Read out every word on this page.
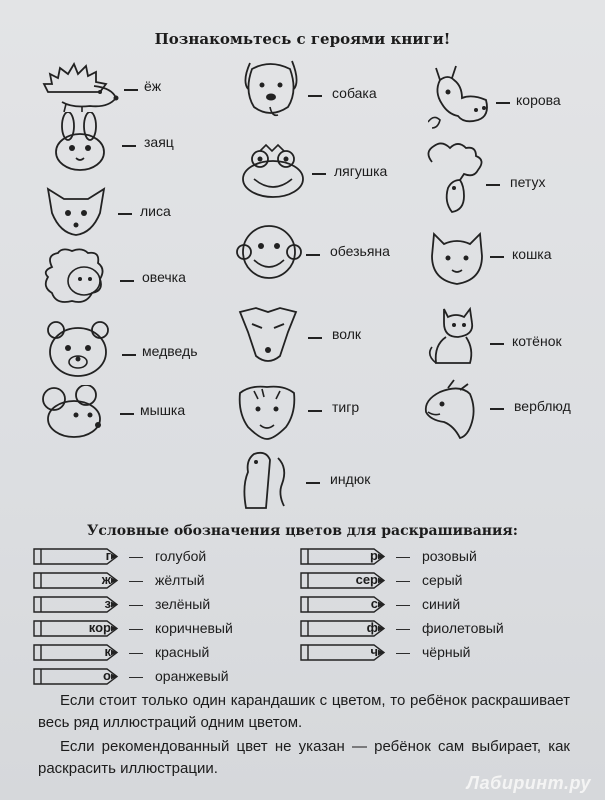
Познакомьтесь с героями книги!
ёж
заяц
лиса
овечка
медведь
мышка
собака
лягушка
обезьяна
волк
тигр
индюк
корова
петух
кошка
котёнок
верблюд
Условные обозначения цветов для раскрашивания:
Если стоит только один карандашик с цветом, то ребёнок раскрашивает весь ряд иллюстраций одним цветом.
Если рекомендованный цвет не указан — ребёнок сам выбирает, как раскрасить иллюстрации.
Лабиринт.ру
г — голубой
ж — жёлтый
з — зелёный
кор — коричневый
к — красный
о — оранжевый
р — розовый
сер — серый
с — синий
ф — фиолетовый
ч — чёрный
